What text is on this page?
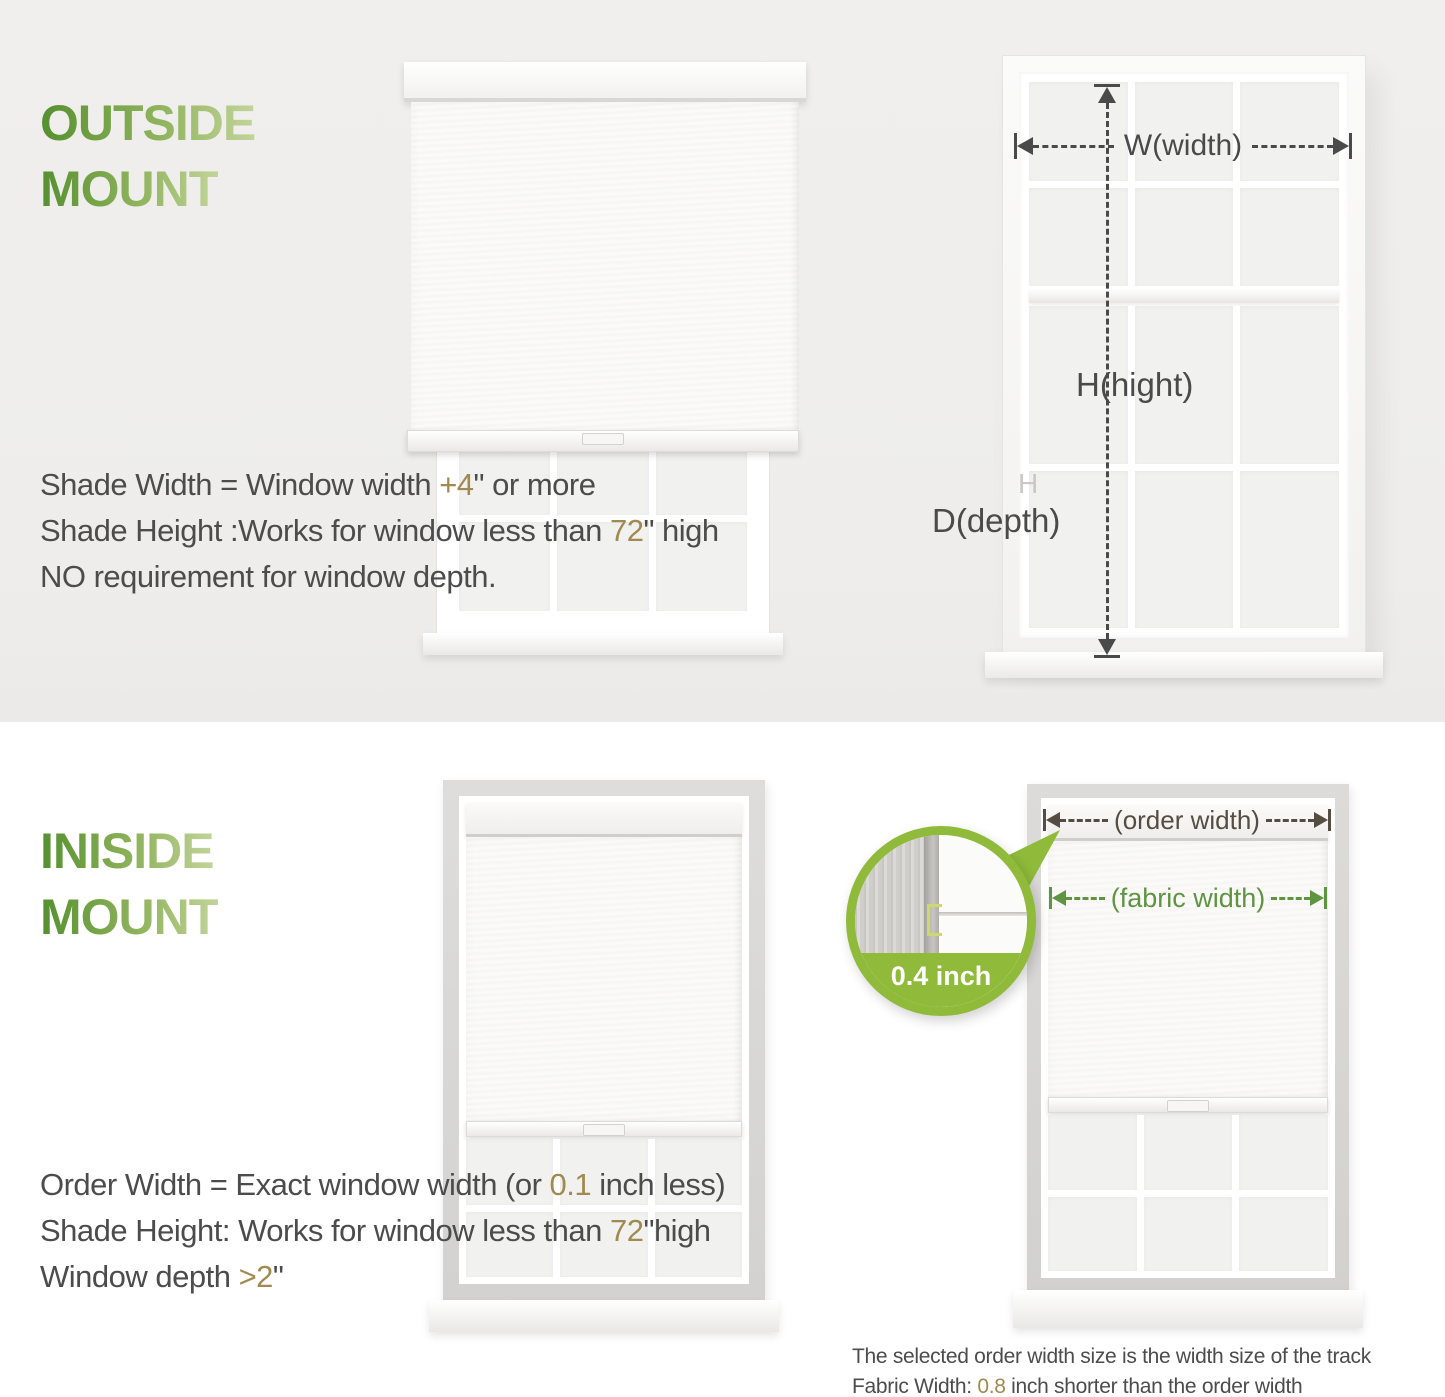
OUTSIDE
MOUNT
Shade Width = Window width +4" or more
Shade Height :Works for window less than 72" high
NO requirement for window depth.
W(width)
H(hight)
H
D(depth)
INISIDE
MOUNT
Order Width = Exact window width (or 0.1 inch less)
Shade Height: Works for window less than 72"high
Window depth >2"
(order width)
(fabric width)
0.4 inch
The selected order width size is the width size of the track
Fabric Width: 0.8 inch shorter than the order width
